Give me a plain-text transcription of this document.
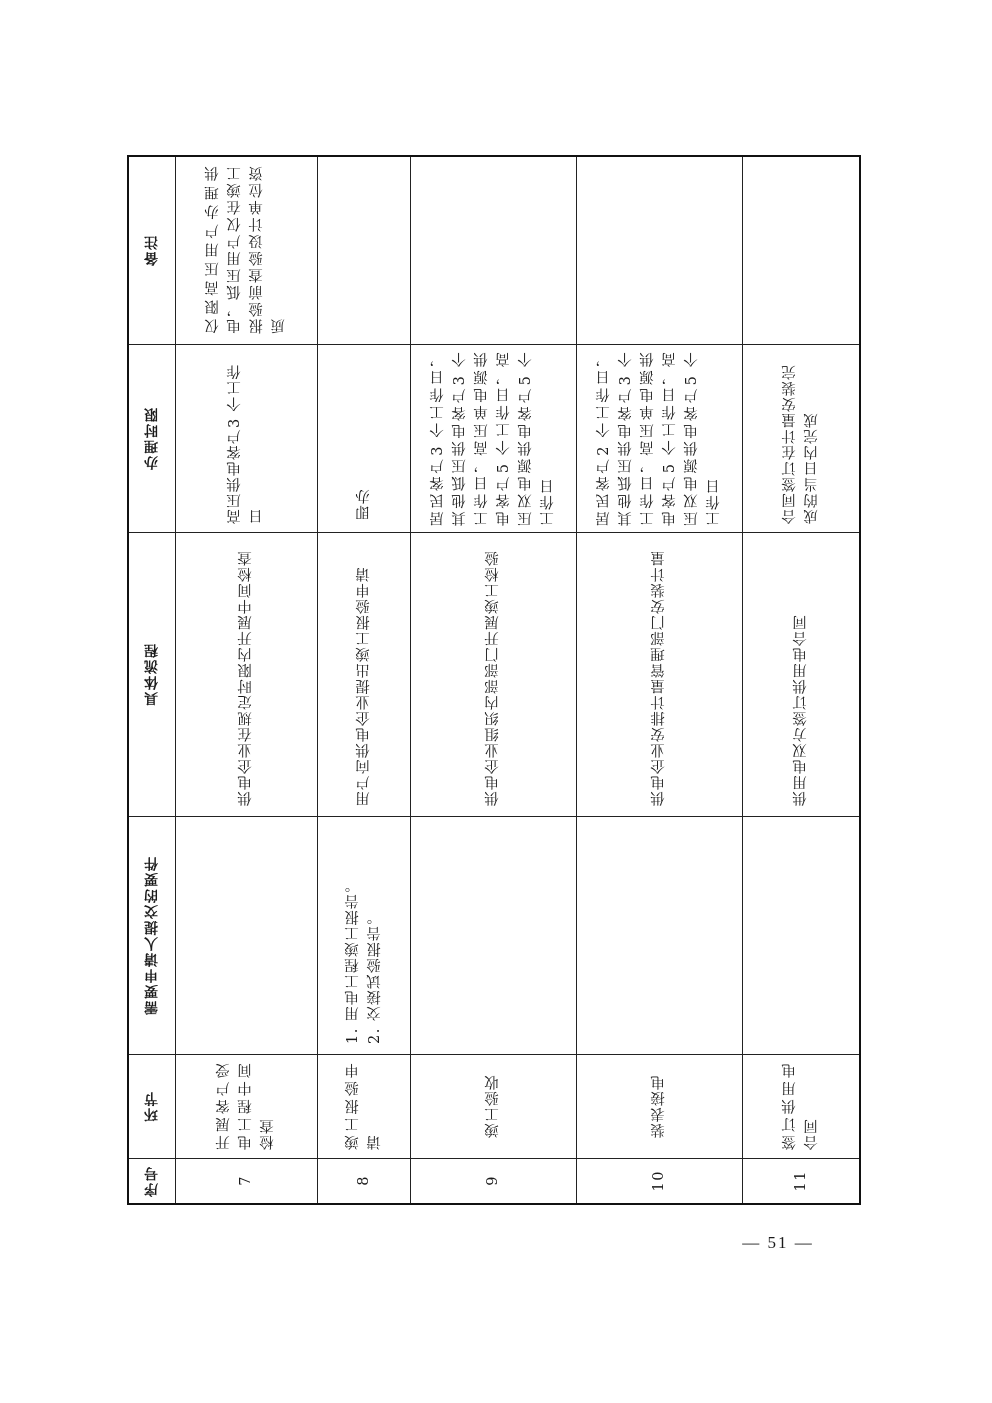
备注	仅限高压用户办理供电，低压用户仅在竣工报验前查验设计单位资质				

办理时限	高压供电客户3 个工作日	即办	居民客户3 个工作日，其他低压供电客户3 个工作日，高压单电源供电客户5 个工作日，高压双电源供电客户5 个工作日	居民客户2 个工作日，其他低压供电客户3 个工作日，高压单电源供电客户5 个工作日，高压双电源供电客户5 个工作日	合同签订在计量安装完成的当日内完成

具体流程	供电企业在规定时限内开展中间检查	用户向供电企业提出竣工报验申请	供电企业组织内部部门开展竣工检验	供电企业安排计量管理部门安装计量	供用电双方签订供用电合同

需要申请人提交的要件		1. 用电工程竣工报告。 2. 交接试验报告。			

环节	开展客户受电工程中间检查	竣工报验申请	竣工验收	装表接电	签订供用电合同

序号	7	8	9	10	11
— 51 —
